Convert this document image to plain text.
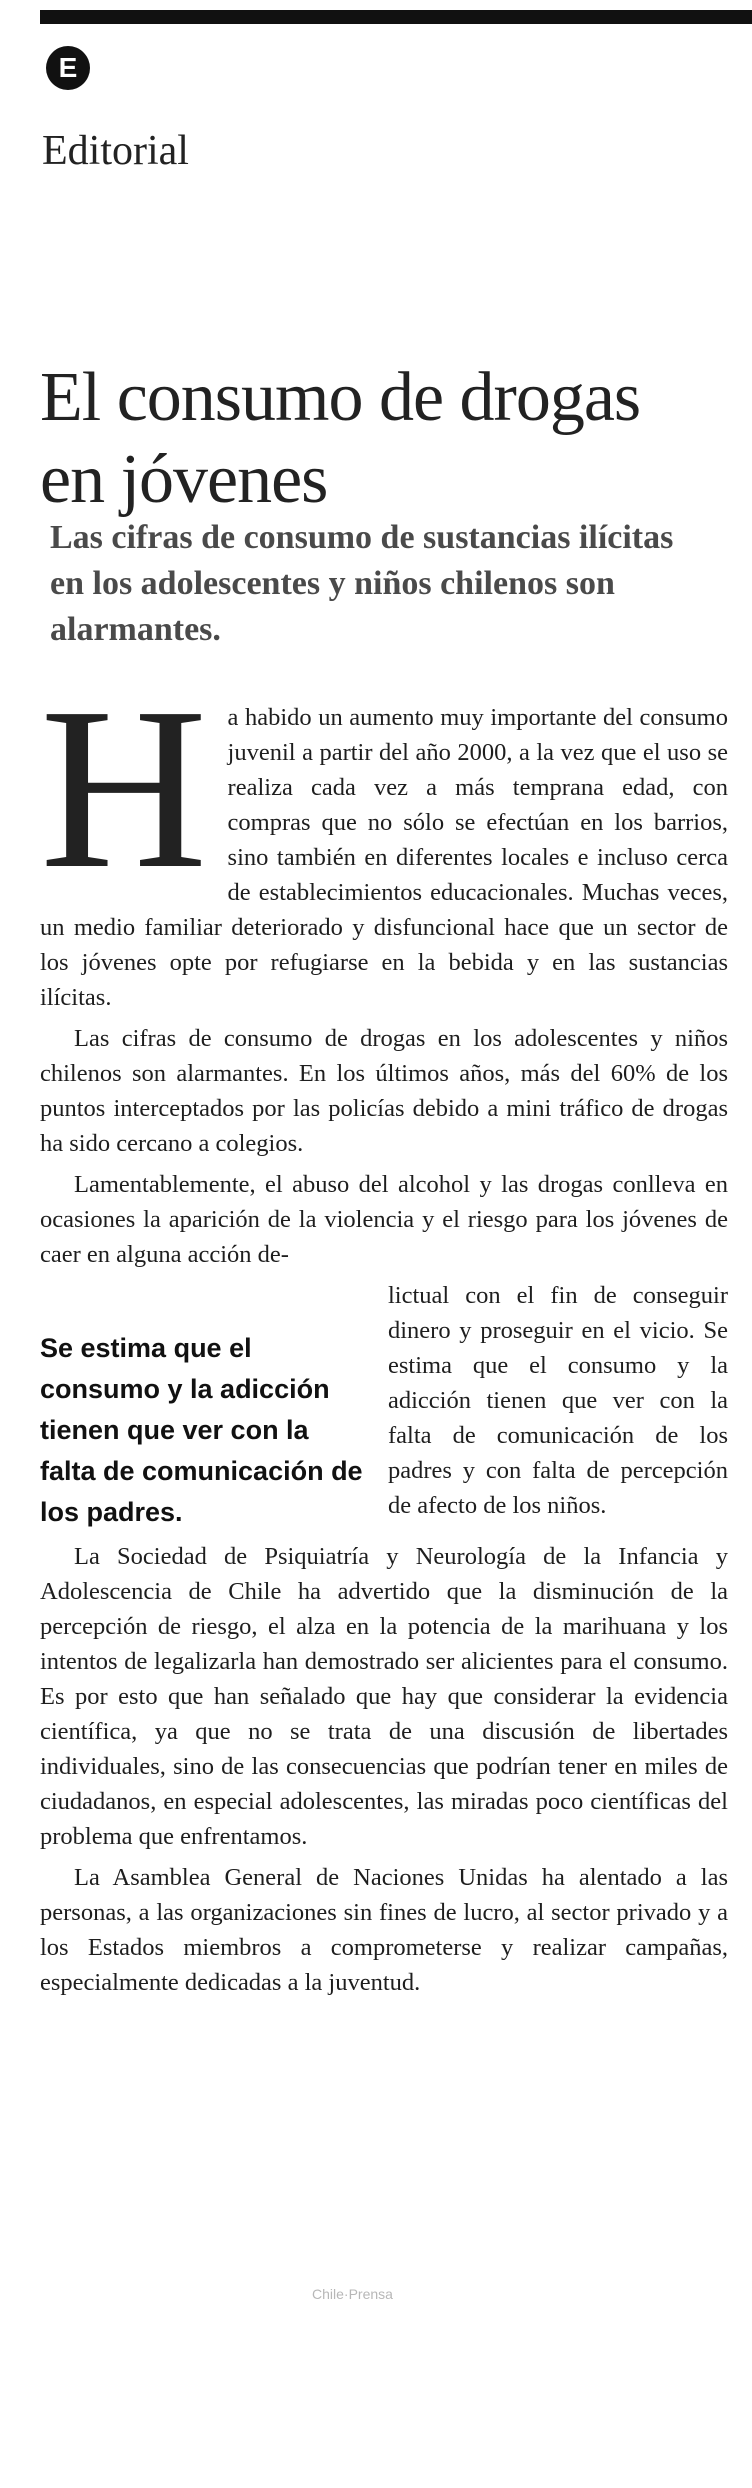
E
Editorial
El consumo de drogas en jóvenes
Las cifras de consumo de sustancias ilícitas en los adolescentes y niños chilenos son alarmantes.

Ha habido un aumento muy importante del consumo juvenil a partir del año 2000, a la vez que el uso se realiza cada vez a más temprana edad, con compras que no sólo se efectúan en los barrios, sino también en diferentes locales e incluso cerca de establecimientos educacionales. Muchas veces, un medio familiar deteriorado y disfuncional hace que un sector de los jóvenes opte por refugiarse en la bebida y en las sustancias ilícitas.

Las cifras de consumo de drogas en los adolescentes y niños chilenos son alarmantes. En los últimos años, más del 60% de los puntos interceptados por las policías debido a mini tráfico de drogas ha sido cercano a colegios.

Lamentablemente, el abuso del alcohol y las drogas conlleva en ocasiones la aparición de la violencia y el riesgo para los jóvenes de caer en alguna acción de-

Se estima que el consumo y la adicción tienen que ver con la falta de comunicación de los padres.
lictual con el fin de conseguir dinero y proseguir en el vicio. Se estima que el consumo y la adicción tienen que ver con la falta de comunicación de los padres y con falta de percepción de afecto de los niños.

La Sociedad de Psiquiatría y Neurología de la Infancia y Adolescencia de Chile ha advertido que la disminución de la percepción de riesgo, el alza en la potencia de la marihuana y los intentos de legalizarla han demostrado ser alicientes para el consumo. Es por esto que han señalado que hay que considerar la evidencia científica, ya que no se trata de una discusión de libertades individuales, sino de las consecuencias que podrían tener en miles de ciudadanos, en especial adolescentes, las miradas poco científicas del problema que enfrentamos.

La Asamblea General de Naciones Unidas ha alentado a las personas, a las organizaciones sin fines de lucro, al sector privado y a los Estados miembros a comprometerse y realizar campañas, especialmente dedicadas a la juventud.

Chile·Prensa
